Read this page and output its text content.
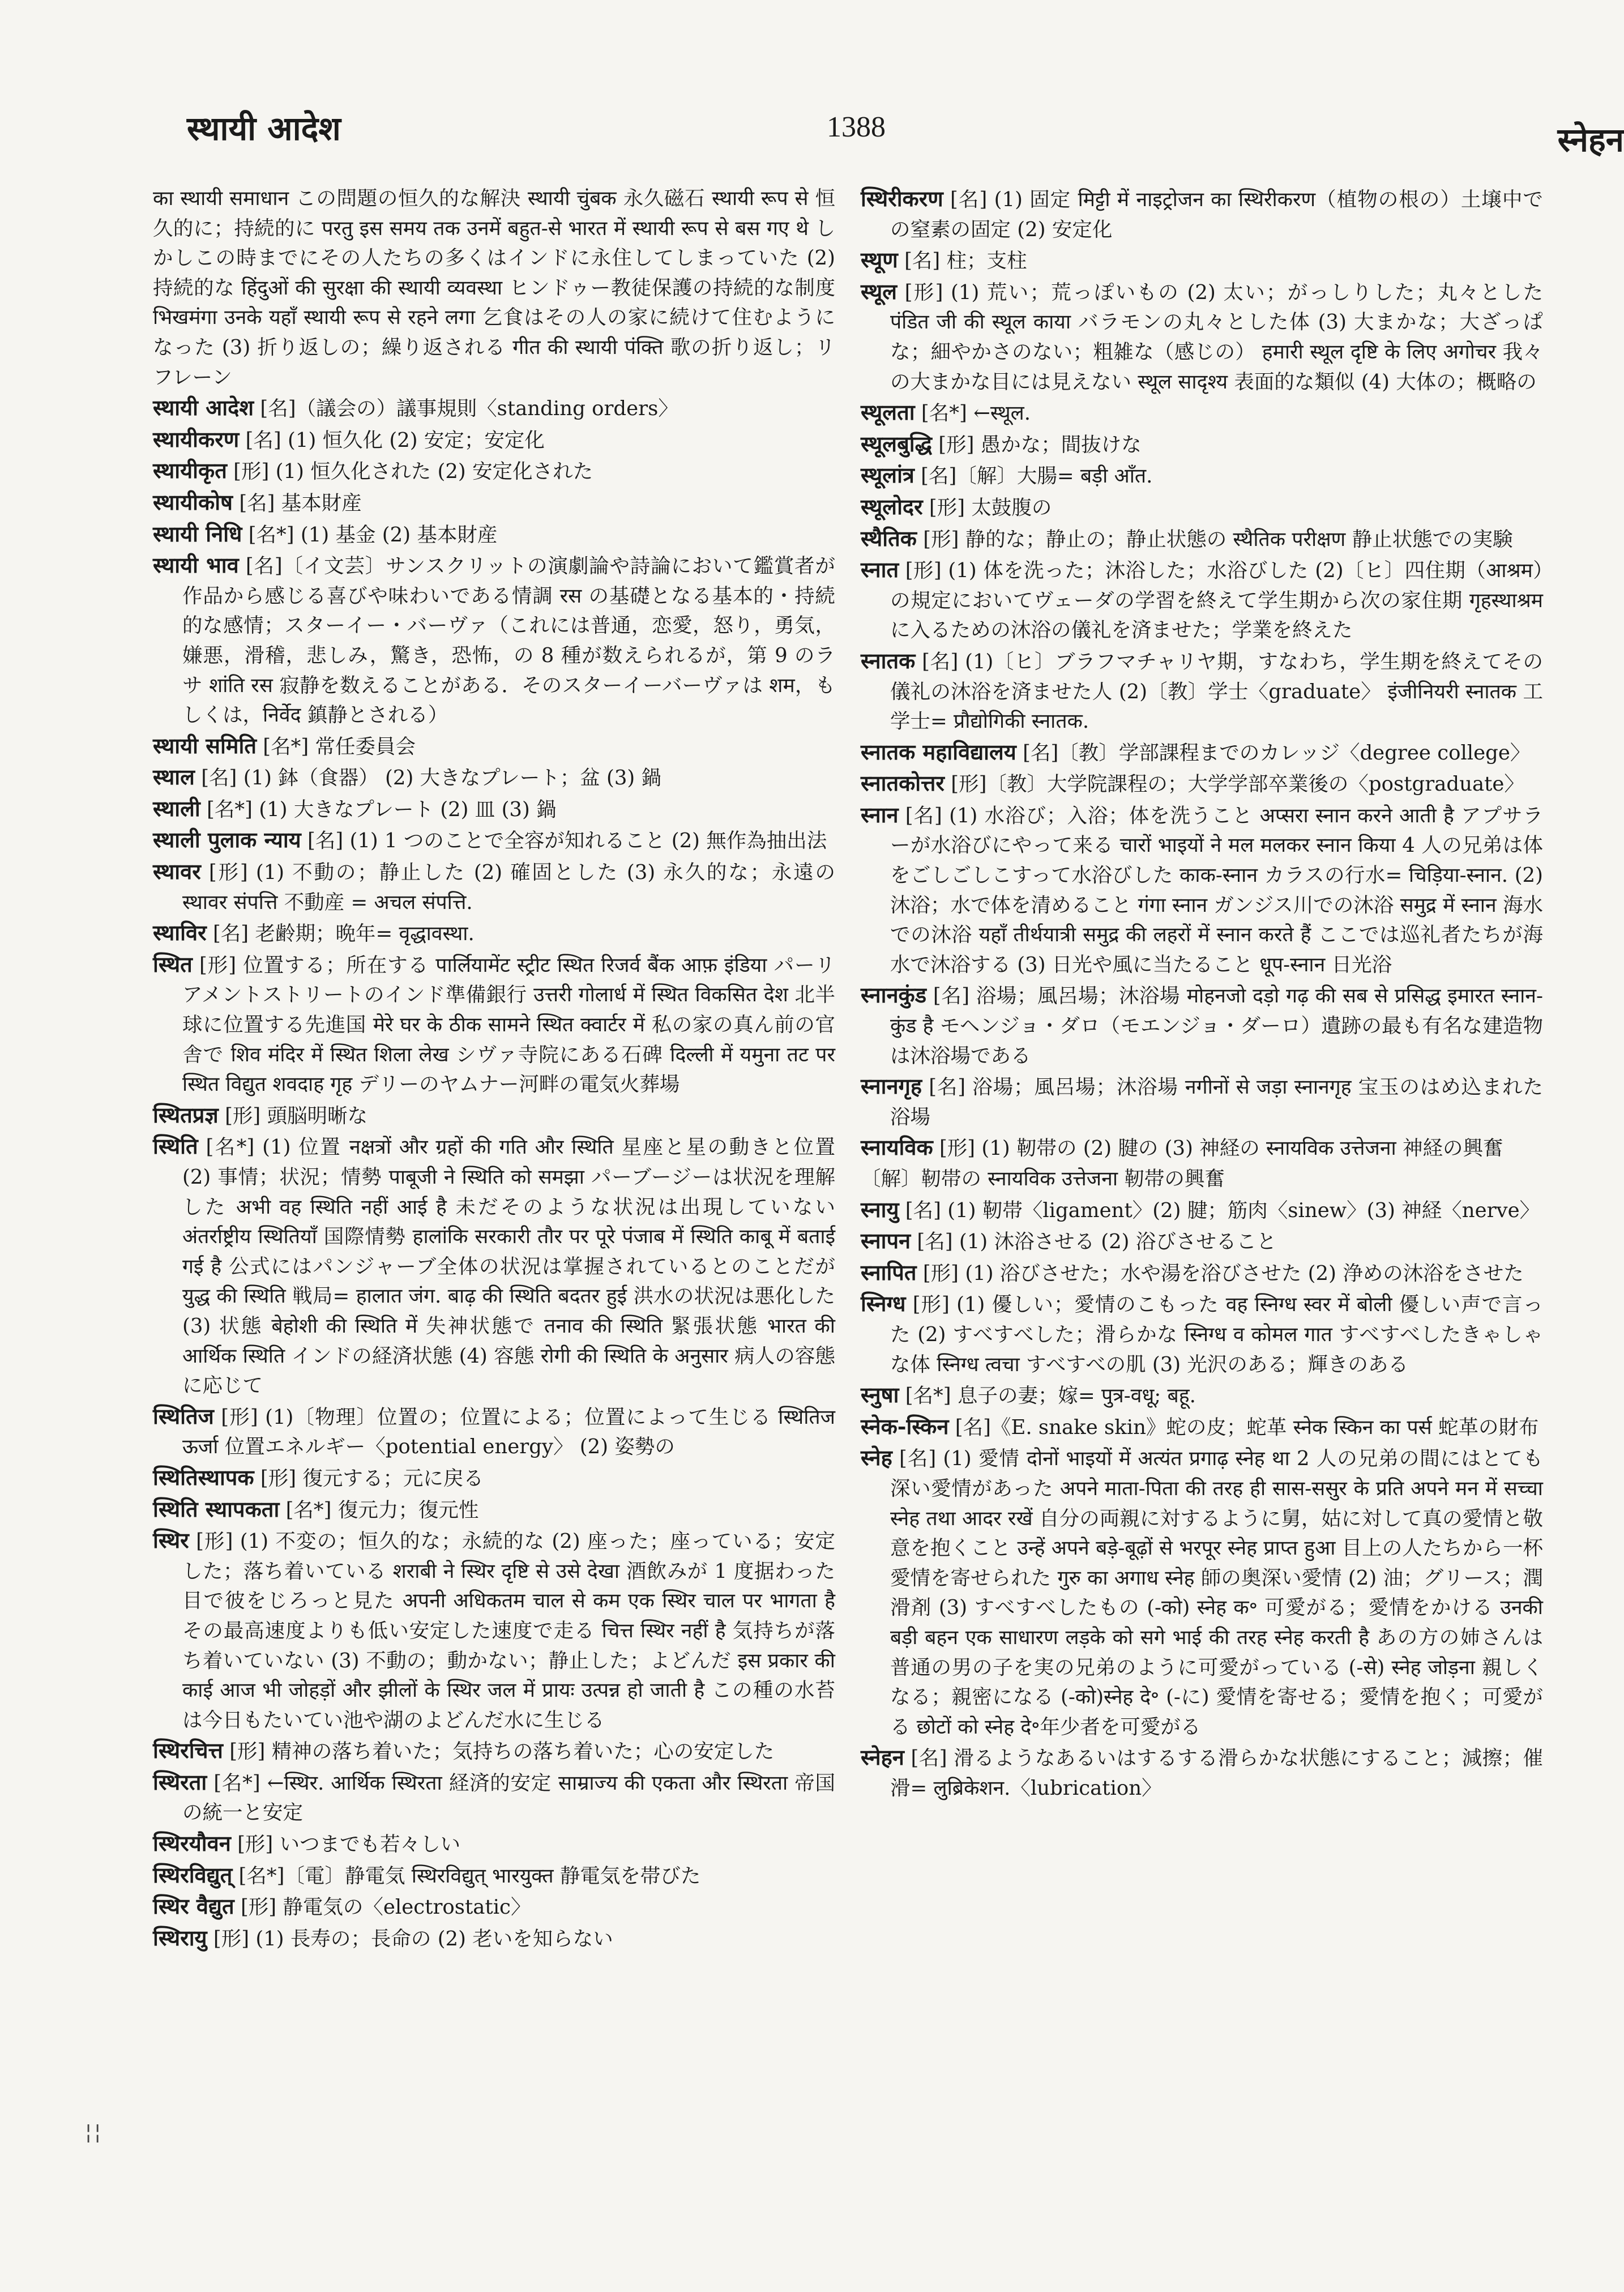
स्थायी आदेश	1388	स्नेहन
का स्थायी समाधान この問題の恒久的な解決 स्थायी चुंबक 永久磁石 स्थायी रूप से 恒久的に；持続的に परतु इस समय तक उनमें बहुत-से भारत में स्थायी रूप से बस गए थे しかしこの時までにその人たちの多くはインドに永住してしまっていた (2) 持続的な हिंदुओं की सुरक्षा की स्थायी व्यवस्था ヒンドゥー教徒保護の持続的な制度 भिखमंगा उनके यहाँ स्थायी रूप से रहने लगा 乞食はその人の家に続けて住むようになった (3) 折り返しの；繰り返される गीत की स्थायी पंक्ति 歌の折り返し；リフレーン
स्थायी आदेश [名]（議会の）議事規則〈standing orders〉
स्थायीकरण [名] (1) 恒久化 (2) 安定；安定化
स्थायीकृत [形] (1) 恒久化された (2) 安定化された
स्थायीकोष [名] 基本財産
स्थायी निधि [名*] (1) 基金 (2) 基本財産
स्थायी भाव [名]〔イ文芸〕サンスクリットの演劇論や詩論において鑑賞者が作品から感じる喜びや味わいである情調 रस の基礎となる基本的・持続的な感情；スターイー・バーヴァ（これには普通，恋愛，怒り，勇気，嫌悪，滑稽，悲しみ，驚き，恐怖，の 8 種が数えられるが，第 9 のラサ शांति रस 寂静を数えることがある．そのスターイーバーヴァは शम，もしくは，निर्वेद 鎮静とされる）
स्थायी समिति [名*] 常任委員会
स्थाल [名] (1) 鉢（食器） (2) 大きなプレート；盆 (3) 鍋
स्थाली [名*] (1) 大きなプレート (2) 皿 (3) 鍋
स्थाली पुलाक न्याय [名] (1) 1 つのことで全容が知れること (2) 無作為抽出法
स्थावर [形] (1) 不動の；静止した (2) 確固とした (3) 永久的な；永遠の स्थावर संपत्ति 不動産 = अचल संपत्ति.
स्थाविर [名] 老齢期；晩年= वृद्धावस्था.
स्थित [形] 位置する；所在する पार्लियामेंट स्ट्रीट स्थित रिजर्व बैंक आफ़ इंडिया パーリアメントストリートのインド準備銀行 उत्तरी गोलार्ध में स्थित विकसित देश 北半球に位置する先進国 मेरे घर के ठीक सामने स्थित क्वार्टर में 私の家の真ん前の官舎で शिव मंदिर में स्थित शिला लेख シヴァ寺院にある石碑 दिल्ली में यमुना तट पर स्थित विद्युत शवदाह गृह デリーのヤムナー河畔の電気火葬場
स्थितप्रज्ञ [形] 頭脳明晰な
स्थिति [名*] (1) 位置 नक्षत्रों और ग्रहों की गति और स्थिति 星座と星の動きと位置 (2) 事情；状況；情勢 पाबूजी ने स्थिति को समझा パーブージーは状況を理解した अभी वह स्थिति नहीं आई है 未だそのような状況は出現していない अंतर्राष्ट्रीय स्थितियाँ 国際情勢 हालांकि सरकारी तौर पर पूरे पंजाब में स्थिति काबू में बताई गई है 公式にはパンジャーブ全体の状況は掌握されているとのことだが युद्ध की स्थिति 戦局= हालात जंग. बाढ़ की स्थिति बदतर हुई 洪水の状況は悪化した (3) 状態 बेहोशी की स्थिति में 失神状態で तनाव की स्थिति 緊張状態 भारत की आर्थिक स्थिति インドの経済状態 (4) 容態 रोगी की स्थिति के अनुसार 病人の容態に応じて
स्थितिज [形] (1)〔物理〕位置の；位置による；位置によって生じる स्थितिज ऊर्जा 位置エネルギー〈potential energy〉 (2) 姿勢の
स्थितिस्थापक [形] 復元する；元に戻る
स्थिति स्थापकता [名*] 復元力；復元性
स्थिर [形] (1) 不変の；恒久的な；永続的な (2) 座った；座っている；安定した；落ち着いている शराबी ने स्थिर दृष्टि से उसे देखा 酒飲みが 1 度据わった目で彼をじろっと見た अपनी अधिकतम चाल से कम एक स्थिर चाल पर भागता है その最高速度よりも低い安定した速度で走る चित्त स्थिर नहीं है 気持ちが落ち着いていない (3) 不動の；動かない；静止した；よどんだ इस प्रकार की काई आज भी जोहड़ों और झीलों के स्थिर जल में प्रायः उत्पन्न हो जाती है この種の水苔は今日もたいてい池や湖のよどんだ水に生じる
स्थिरचित्त [形] 精神の落ち着いた；気持ちの落ち着いた；心の安定した
स्थिरता [名*] ←स्थिर. आर्थिक स्थिरता 経済的安定 साम्राज्य की एकता और स्थिरता 帝国の統一と安定
स्थिरयौवन [形] いつまでも若々しい
स्थिरविद्युत् [名*]〔電〕静電気 स्थिरविद्युत् भारयुक्त 静電気を帯びた
स्थिर वैद्युत [形] 静電気の〈electrostatic〉
स्थिरायु [形] (1) 長寿の；長命の (2) 老いを知らない
स्थिरीकरण [名] (1) 固定 मिट्टी में नाइट्रोजन का स्थिरीकरण（植物の根の）土壌中での窒素の固定 (2) 安定化
स्थूण [名] 柱；支柱
स्थूल [形] (1) 荒い；荒っぽいもの (2) 太い；がっしりした；丸々とした पंडित जी की स्थूल काया バラモンの丸々とした体 (3) 大まかな；大ざっぱな；細やかさのない；粗雑な（感じの） हमारी स्थूल दृष्टि के लिए अगोचर 我々の大まかな目には見えない स्थूल सादृश्य 表面的な類似 (4) 大体の；概略の
स्थूलता [名*] ←स्थूल.
स्थूलबुद्धि [形] 愚かな；間抜けな
स्थूलांत्र [名]〔解〕大腸= बड़ी आँत.
स्थूलोदर [形] 太鼓腹の
स्थैतिक [形] 静的な；静止の；静止状態の स्थैतिक परीक्षण 静止状態での実験
स्नात [形] (1) 体を洗った；沐浴した；水浴びした (2)〔ヒ〕四住期（आश्रम）の規定においてヴェーダの学習を終えて学生期から次の家住期 गृहस्थाश्रम に入るための沐浴の儀礼を済ませた；学業を終えた
स्नातक [名] (1)〔ヒ〕ブラフマチャリヤ期，すなわち，学生期を終えてその儀礼の沐浴を済ませた人 (2)〔教〕学士〈graduate〉 इंजीनियरी स्नातक 工学士= प्रौद्योगिकी स्नातक.
स्नातक महाविद्यालय [名]〔教〕学部課程までのカレッジ〈degree college〉
स्नातकोत्तर [形]〔教〕大学院課程の；大学学部卒業後の〈postgraduate〉
स्नान [名] (1) 水浴び；入浴；体を洗うこと अप्सरा स्नान करने आती है アプサラーが水浴びにやって来る चारों भाइयों ने मल मलकर स्नान किया 4 人の兄弟は体をごしごしこすって水浴びした काक-स्नान カラスの行水= चिड़िया-स्नान. (2) 沐浴；水で体を清めること गंगा स्नान ガンジス川での沐浴 समुद्र में स्नान 海水での沐浴 यहाँ तीर्थयात्री समुद्र की लहरों में स्नान करते हैं ここでは巡礼者たちが海水で沐浴する (3) 日光や風に当たること धूप-स्नान 日光浴
स्नानकुंड [名] 浴場；風呂場；沐浴場 मोहनजो दड़ो गढ़ की सब से प्रसिद्ध इमारत स्नान-कुंड है モヘンジョ・ダロ（モエンジョ・ダーロ）遺跡の最も有名な建造物は沐浴場である
स्नानगृह [名] 浴場；風呂場；沐浴場 नगीनों से जड़ा स्नानगृह 宝玉のはめ込まれた浴場
स्नायविक [形] (1) 靭帯の (2) 腱の (3) 神経の स्नायविक उत्तेजना 神経の興奮
〔解〕靭帯の स्नायविक उत्तेजना 靭帯の興奮
स्नायु [名] (1) 靭帯〈ligament〉(2) 腱；筋肉〈sinew〉(3) 神経〈nerve〉
स्नापन [名] (1) 沐浴させる (2) 浴びさせること
स्नापित [形] (1) 浴びさせた；水や湯を浴びさせた (2) 浄めの沐浴をさせた
स्निग्ध [形] (1) 優しい；愛情のこもった वह स्निग्ध स्वर में बोली 優しい声で言った (2) すべすべした；滑らかな स्निग्ध व कोमल गात すべすべしたきゃしゃな体 स्निग्ध त्वचा すべすべの肌 (3) 光沢のある；輝きのある
स्नुषा [名*] 息子の妻；嫁= पुत्र-वधू; बहू.
स्नेक-स्किन [名]《E. snake skin》蛇の皮；蛇革 स्नेक स्किन का पर्स 蛇革の財布
स्नेह [名] (1) 愛情 दोनों भाइयों में अत्यंत प्रगाढ़ स्नेह था 2 人の兄弟の間にはとても深い愛情があった अपने माता-पिता की तरह ही सास-ससुर के प्रति अपने मन में सच्चा स्नेह तथा आदर रखें 自分の両親に対するように舅，姑に対して真の愛情と敬意を抱くこと उन्हें अपने बड़े-बूढ़ों से भरपूर स्नेह प्राप्त हुआ 目上の人たちから一杯愛情を寄せられた गुरु का अगाध स्नेह 師の奥深い愛情 (2) 油；グリース；潤滑剤 (3) すべすべしたもの (-को) स्नेह क॰ 可愛がる；愛情をかける उनकी बड़ी बहन एक साधारण लड़के को सगे भाई की तरह स्नेह करती है あの方の姉さんは普通の男の子を実の兄弟のように可愛がっている (-से) स्नेह जोड़ना 親しくなる；親密になる (-को)स्नेह दे॰ (-に) 愛情を寄せる；愛情を抱く；可愛がる छोटों को स्नेह दे॰年少者を可愛がる
स्नेहन [名] 滑るようなあるいはするする滑らかな状態にすること；減擦；催滑= लुब्रिकेशन.〈lubrication〉
¦¦
